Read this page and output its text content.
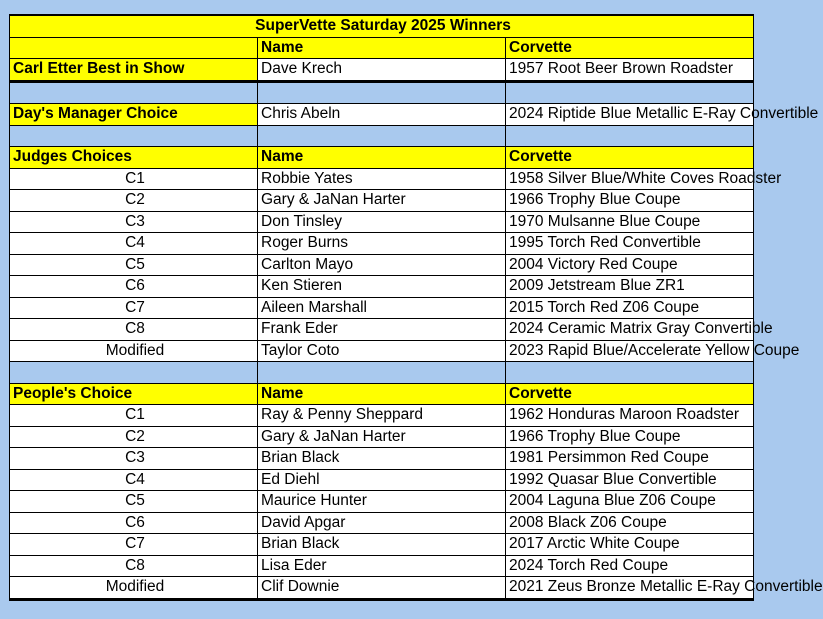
SuperVette Saturday 2025 Winners		
	Name	Corvette
Carl Etter Best in Show	Dave Krech	1957 Root Beer Brown Roadster

Day's Manager Choice	Chris Abeln	2024 Riptide Blue Metallic E-Ray Convertible

Judges Choices	Name	Corvette
C1	Robbie Yates	1958 Silver Blue/White Coves Roadster
C2	Gary & JaNan Harter	1966 Trophy Blue Coupe
C3	Don Tinsley	1970 Mulsanne Blue Coupe
C4	Roger Burns	1995 Torch Red Convertible
C5	Carlton Mayo	2004 Victory Red Coupe
C6	Ken Stieren	2009 Jetstream Blue ZR1
C7	Aileen Marshall	2015 Torch Red Z06 Coupe
C8	Frank Eder	2024 Ceramic Matrix Gray Convertible
Modified	Taylor Coto	2023 Rapid Blue/Accelerate Yellow Coupe

People's Choice	Name	Corvette
C1	Ray & Penny Sheppard	1962 Honduras Maroon Roadster
C2	Gary & JaNan Harter	1966 Trophy Blue Coupe
C3	Brian Black	1981 Persimmon Red Coupe
C4	Ed Diehl	1992 Quasar Blue Convertible
C5	Maurice Hunter	2004 Laguna Blue Z06 Coupe
C6	David Apgar	2008 Black Z06 Coupe
C7	Brian Black	2017 Arctic White Coupe
C8	Lisa Eder	2024 Torch Red Coupe
Modified	Clif Downie	2021 Zeus Bronze Metallic E-Ray Convertible
